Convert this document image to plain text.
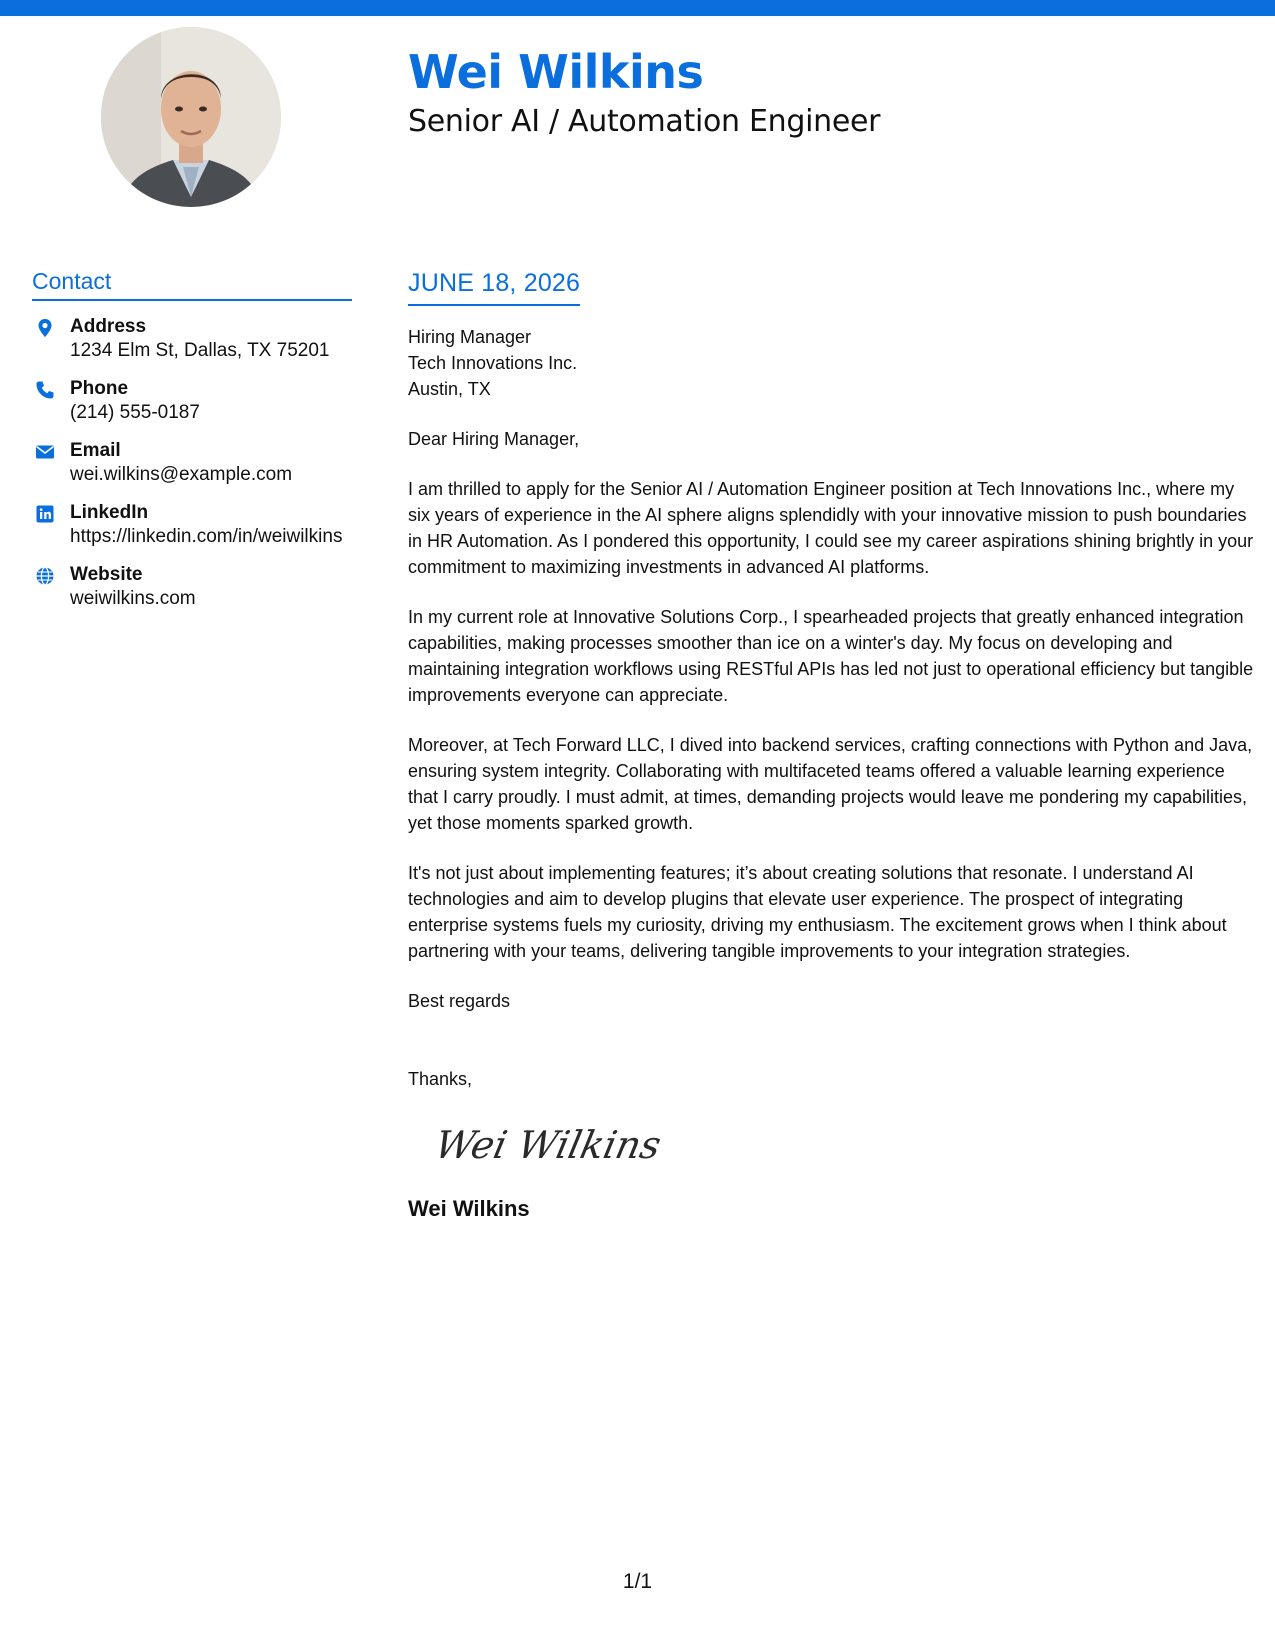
Wei Wilkins
Senior AI / Automation Engineer
Contact
Address
1234 Elm St, Dallas, TX 75201
Phone
(214) 555-0187
Email
wei.wilkins@example.com
LinkedIn
https://linkedin.com/in/weiwilkins
Website
weiwilkins.com
JUNE 18, 2026
Hiring Manager
Tech Innovations Inc.
Austin, TX

Dear Hiring Manager,

I am thrilled to apply for the Senior AI / Automation Engineer position at Tech Innovations Inc., where my six years of experience in the AI sphere aligns splendidly with your innovative mission to push boundaries in HR Automation. As I pondered this opportunity, I could see my career aspirations shining brightly in your commitment to maximizing investments in advanced AI platforms.

In my current role at Innovative Solutions Corp., I spearheaded projects that greatly enhanced integration capabilities, making processes smoother than ice on a winter's day. My focus on developing and maintaining integration workflows using RESTful APIs has led not just to operational efficiency but tangible improvements everyone can appreciate.

Moreover, at Tech Forward LLC, I dived into backend services, crafting connections with Python and Java, ensuring system integrity. Collaborating with multifaceted teams offered a valuable learning experience that I carry proudly. I must admit, at times, demanding projects would leave me pondering my capabilities, yet those moments sparked growth.

It's not just about implementing features; it’s about creating solutions that resonate. I understand AI technologies and aim to develop plugins that elevate user experience. The prospect of integrating enterprise systems fuels my curiosity, driving my enthusiasm. The excitement grows when I think about partnering with your teams, delivering tangible improvements to your integration strategies.

Best regards

Thanks,

Wei Wilkins
Wei Wilkins
1/1
